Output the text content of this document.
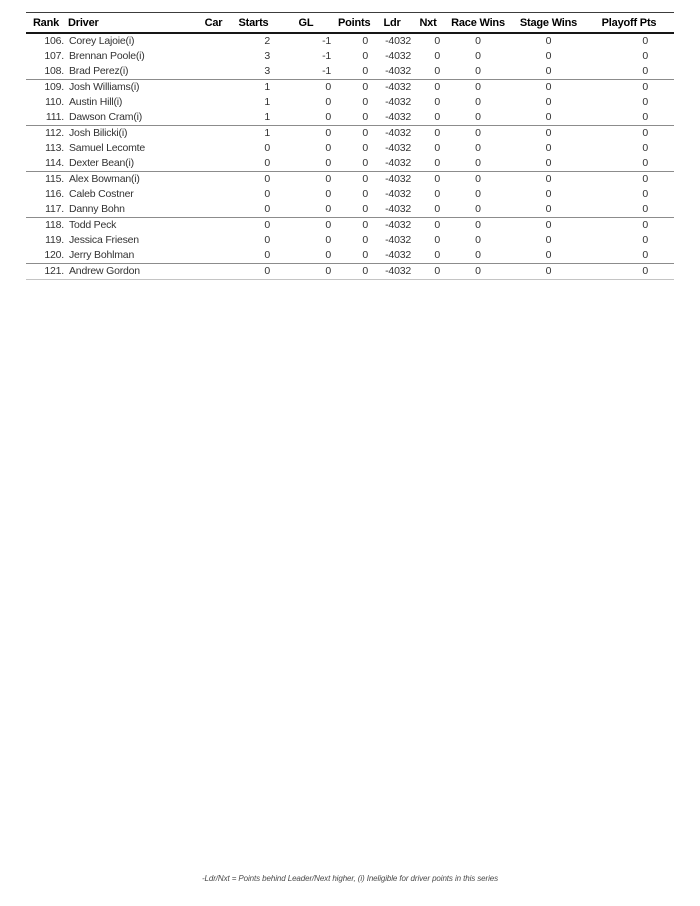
Rank	Driver	Car	Starts	GL	Points	Ldr	Nxt	Race Wins	Stage Wins	Playoff Pts
106.	Corey Lajoie(i)		2	-1	0	-4032	0	0	0	0
107.	Brennan Poole(i)		3	-1	0	-4032	0	0	0	0
108.	Brad Perez(i)		3	-1	0	-4032	0	0	0	0
109.	Josh Williams(i)		1	0	0	-4032	0	0	0	0
110.	Austin Hill(i)		1	0	0	-4032	0	0	0	0
111.	Dawson Cram(i)		1	0	0	-4032	0	0	0	0
112.	Josh Bilicki(i)		1	0	0	-4032	0	0	0	0
113.	Samuel Lecomte		0	0	0	-4032	0	0	0	0
114.	Dexter Bean(i)		0	0	0	-4032	0	0	0	0
115.	Alex Bowman(i)		0	0	0	-4032	0	0	0	0
116.	Caleb Costner		0	0	0	-4032	0	0	0	0
117.	Danny Bohn		0	0	0	-4032	0	0	0	0
118.	Todd Peck		0	0	0	-4032	0	0	0	0
119.	Jessica Friesen		0	0	0	-4032	0	0	0	0
120.	Jerry Bohlman		0	0	0	-4032	0	0	0	0
121.	Andrew Gordon		0	0	0	-4032	0	0	0	0
-Ldr/Nxt = Points behind Leader/Next higher, (i) Ineligible for driver points in this series
